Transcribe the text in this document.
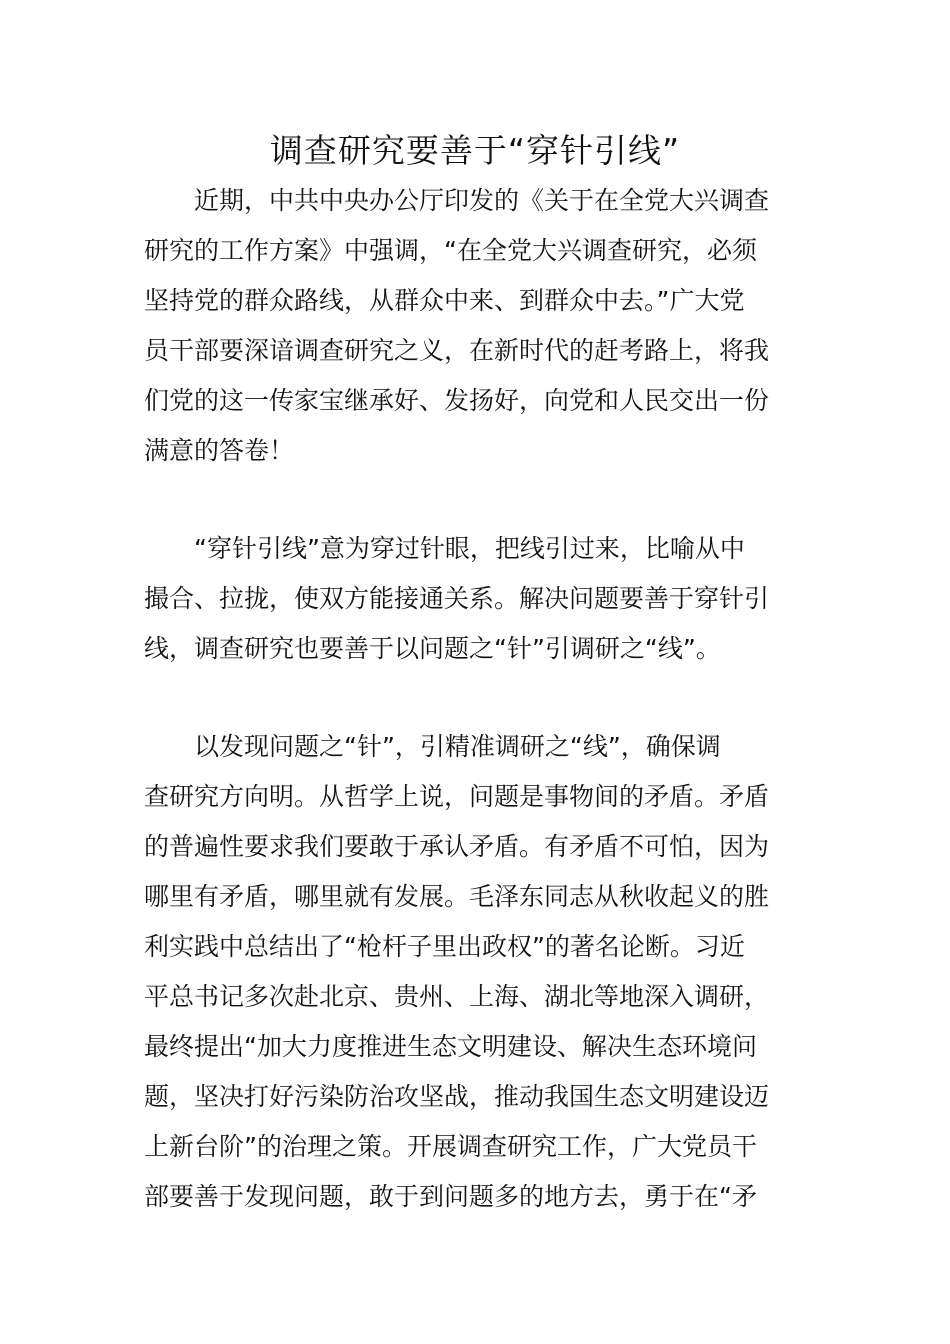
调查研究要善于“穿针引线”
近期，中共中央办公厅印发的《关于在全党大兴调查
研究的工作方案》中强调，“在全党大兴调查研究，必须
坚持党的群众路线，从群众中来、到群众中去。”广大党
员干部要深谙调查研究之义，在新时代的赶考路上，将我
们党的这一传家宝继承好、发扬好，向党和人民交出一份
满意的答卷！
“穿针引线”意为穿过针眼，把线引过来，比喻从中
撮合、拉拢，使双方能接通关系。解决问题要善于穿针引
线，调查研究也要善于以问题之“针”引调研之“线”。
以发现问题之“针”，引精准调研之“线”，确保调
查研究方向明。从哲学上说，问题是事物间的矛盾。矛盾
的普遍性要求我们要敢于承认矛盾。有矛盾不可怕，因为
哪里有矛盾，哪里就有发展。毛泽东同志从秋收起义的胜
利实践中总结出了“枪杆子里出政权”的著名论断。习近
平总书记多次赴北京、贵州、上海、湖北等地深入调研，
最终提出“加大力度推进生态文明建设、解决生态环境问
题，坚决打好污染防治攻坚战，推动我国生态文明建设迈
上新台阶”的治理之策。开展调查研究工作，广大党员干
部要善于发现问题，敢于到问题多的地方去，勇于在“矛
